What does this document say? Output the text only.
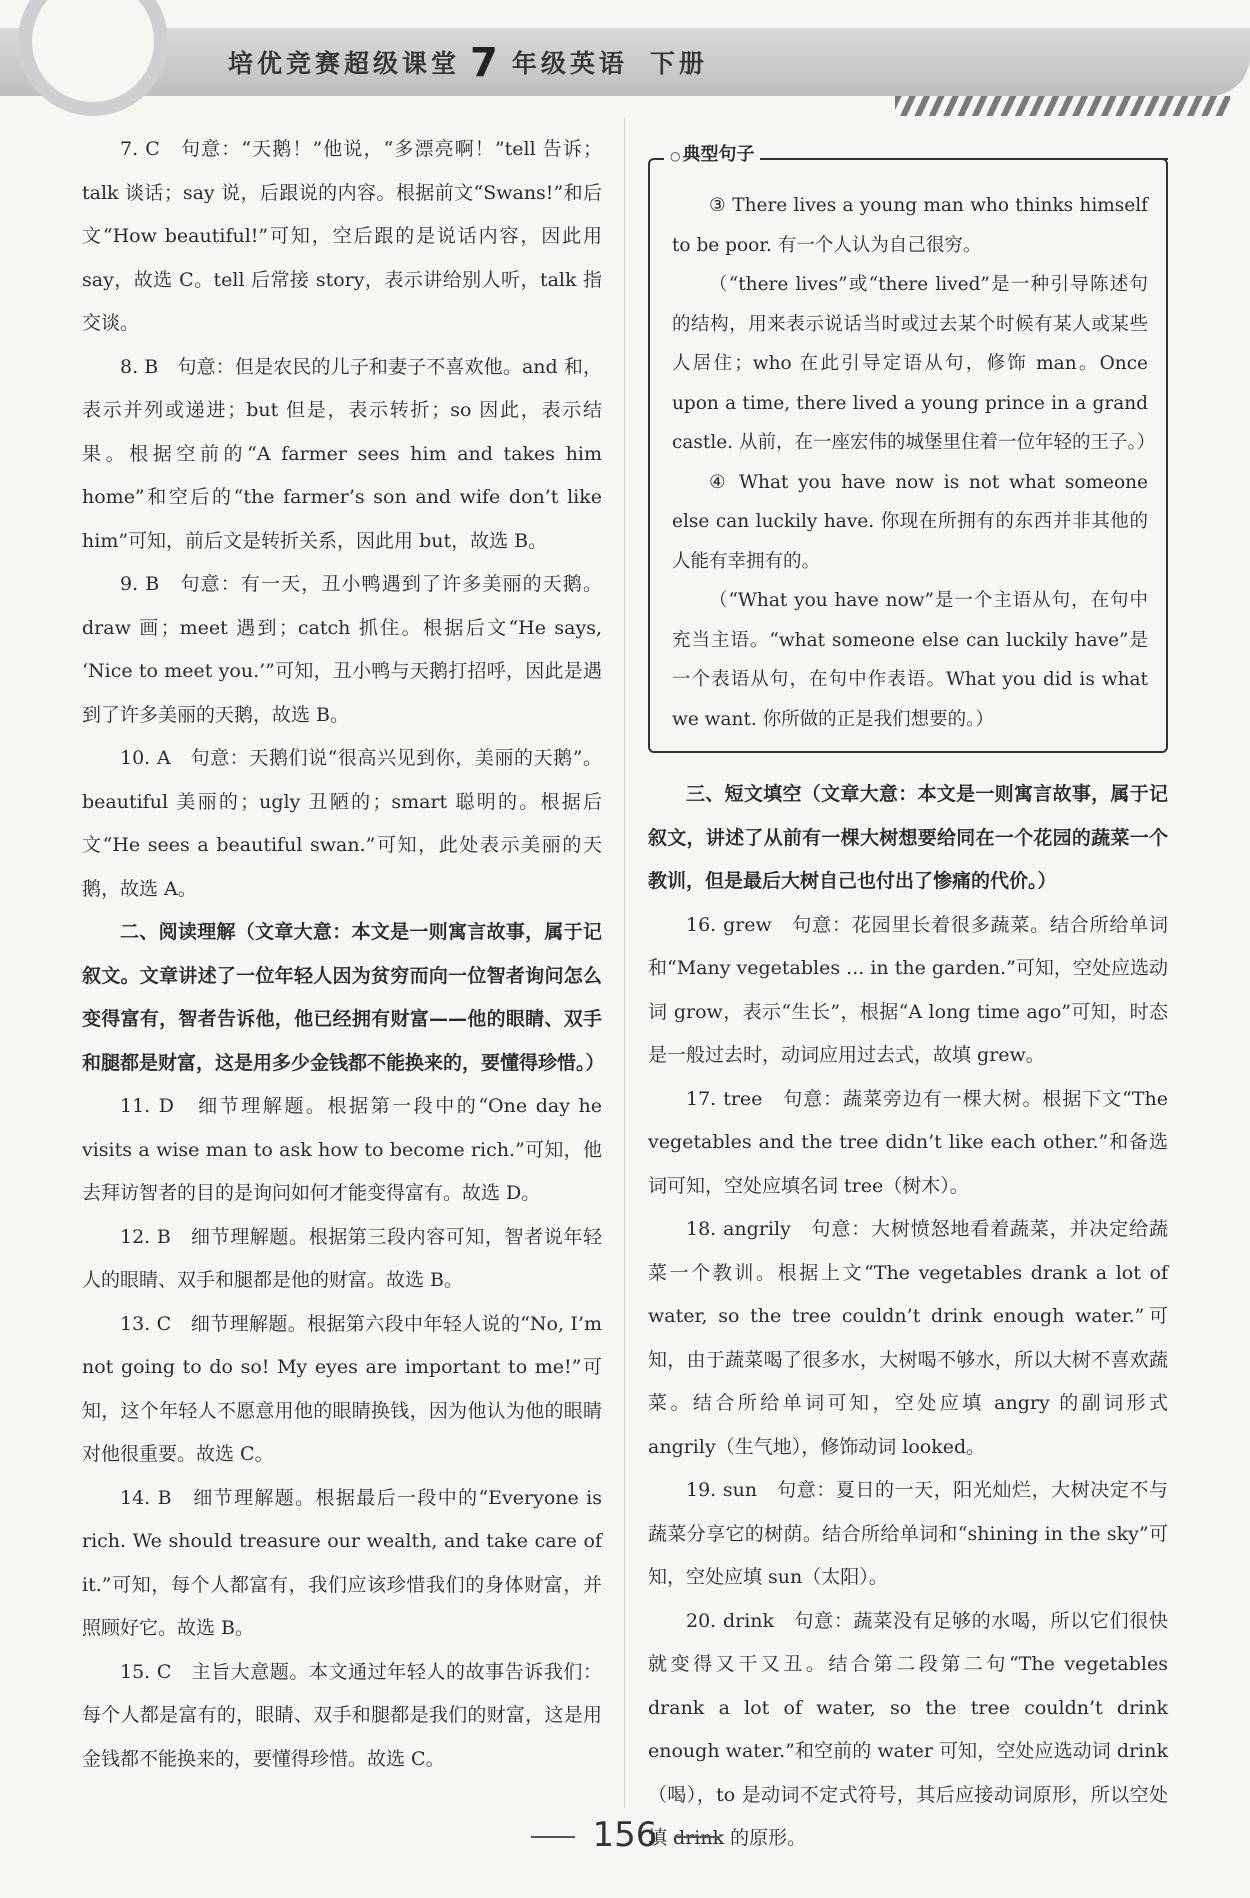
培优竞赛超级课堂 7 年级英语 下册

7. C　句意：“天鹅！”他说，“多漂亮啊！”tell 告诉；talk 谈话；say 说，后跟说的内容。根据前文“Swans!”和后文“How beautiful!”可知，空后跟的是说话内容，因此用 say，故选 C。tell 后常接 story，表示讲给别人听，talk 指交谈。

8. B　句意：但是农民的儿子和妻子不喜欢他。and 和，表示并列或递进；but 但是，表示转折；so 因此，表示结果。根据空前的“A farmer sees him and takes him home”和空后的“the farmer’s son and wife don’t like him”可知，前后文是转折关系，因此用 but，故选 B。

9. B　句意：有一天，丑小鸭遇到了许多美丽的天鹅。draw 画；meet 遇到；catch 抓住。根据后文“He says, ‘Nice to meet you.’”可知，丑小鸭与天鹅打招呼，因此是遇到了许多美丽的天鹅，故选 B。

10. A　句意：天鹅们说“很高兴见到你，美丽的天鹅”。beautiful 美丽的；ugly 丑陋的；smart 聪明的。根据后文“He sees a beautiful swan.”可知，此处表示美丽的天鹅，故选 A。

二、阅读理解（文章大意：本文是一则寓言故事，属于记叙文。文章讲述了一位年轻人因为贫穷而向一位智者询问怎么变得富有，智者告诉他，他已经拥有财富——他的眼睛、双手和腿都是财富，这是用多少金钱都不能换来的，要懂得珍惜。）

11. D　细节理解题。根据第一段中的“One day he visits a wise man to ask how to become rich.”可知，他去拜访智者的目的是询问如何才能变得富有。故选 D。

12. B　细节理解题。根据第三段内容可知，智者说年轻人的眼睛、双手和腿都是他的财富。故选 B。

13. C　细节理解题。根据第六段中年轻人说的“No, I’m not going to do so! My eyes are important to me!”可知，这个年轻人不愿意用他的眼睛换钱，因为他认为他的眼睛对他很重要。故选 C。

14. B　细节理解题。根据最后一段中的“Everyone is rich. We should treasure our wealth, and take care of it.”可知，每个人都富有，我们应该珍惜我们的身体财富，并照顾好它。故选 B。

15. C　主旨大意题。本文通过年轻人的故事告诉我们：每个人都是富有的，眼睛、双手和腿都是我们的财富，这是用金钱都不能换来的，要懂得珍惜。故选 C。

○ 典型句子

③ There lives a young man who thinks himself to be poor. 有一个人认为自己很穷。

（“there lives”或“there lived”是一种引导陈述句的结构，用来表示说话当时或过去某个时候有某人或某些人居住；who 在此引导定语从句，修饰 man。Once upon a time, there lived a young prince in a grand castle. 从前，在一座宏伟的城堡里住着一位年轻的王子。）

④ What you have now is not what someone else can luckily have. 你现在所拥有的东西并非其他的人能有幸拥有的。

（“What you have now”是一个主语从句，在句中充当主语。“what someone else can luckily have”是一个表语从句，在句中作表语。What you did is what we want. 你所做的正是我们想要的。）

三、短文填空（文章大意：本文是一则寓言故事，属于记叙文，讲述了从前有一棵大树想要给同在一个花园的蔬菜一个教训，但是最后大树自己也付出了惨痛的代价。）

16. grew　句意：花园里长着很多蔬菜。结合所给单词和“Many vegetables ... in the garden.”可知，空处应选动词 grow，表示“生长”，根据“A long time ago”可知，时态是一般过去时，动词应用过去式，故填 grew。

17. tree　句意：蔬菜旁边有一棵大树。根据下文“The vegetables and the tree didn’t like each other.”和备选词可知，空处应填名词 tree（树木）。

18. angrily　句意：大树愤怒地看着蔬菜，并决定给蔬菜一个教训。根据上文“The vegetables drank a lot of water, so the tree couldn’t drink enough water.”可知，由于蔬菜喝了很多水，大树喝不够水，所以大树不喜欢蔬菜。结合所给单词可知，空处应填 angry 的副词形式 angrily（生气地），修饰动词 looked。

19. sun　句意：夏日的一天，阳光灿烂，大树决定不与蔬菜分享它的树荫。结合所给单词和“shining in the sky”可知，空处应填 sun（太阳）。

20. drink　句意：蔬菜没有足够的水喝，所以它们很快就变得又干又丑。结合第二段第二句“The vegetables drank a lot of water, so the tree couldn’t drink enough water.”和空前的 water 可知，空处应选动词 drink（喝），to 是动词不定式符号，其后应接动词原形，所以空处填 drink 的原形。

156
